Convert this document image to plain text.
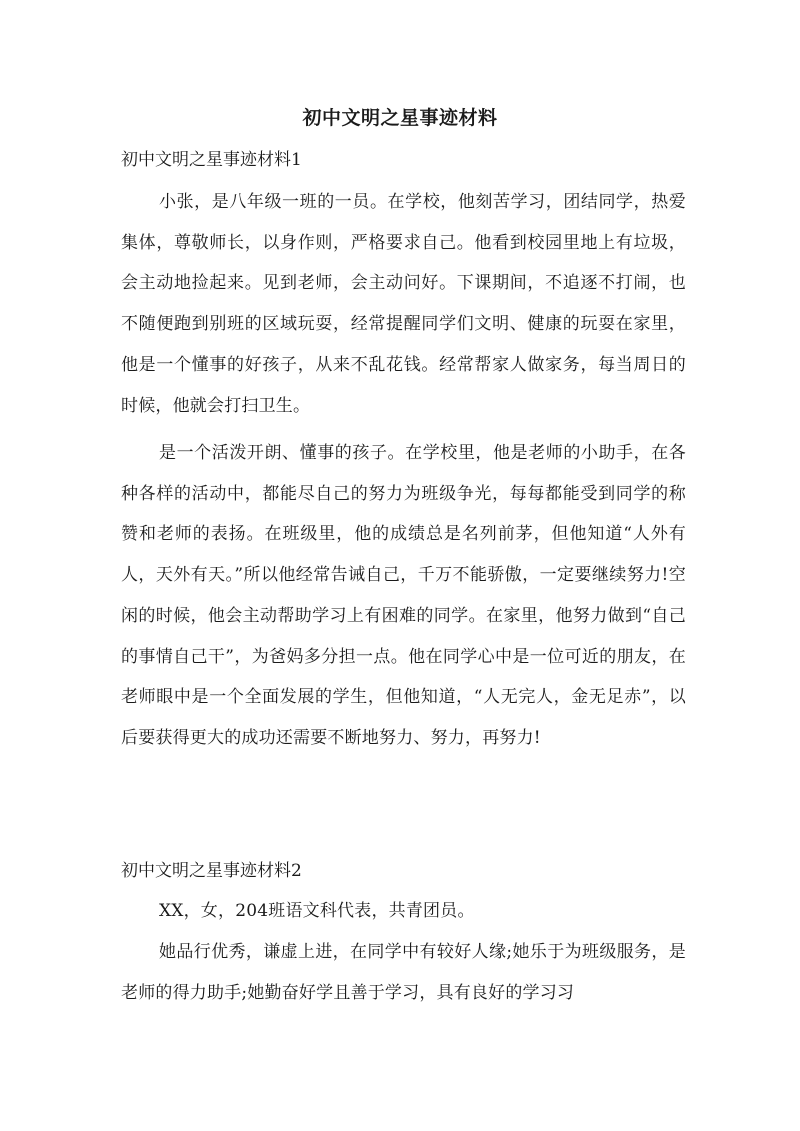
初中文明之星事迹材料
初中文明之星事迹材料1
小张，是八年级一班的一员。在学校，他刻苦学习，团结同学，热爱集体，尊敬师长，以身作则，严格要求自己。他看到校园里地上有垃圾，会主动地捡起来。见到老师，会主动问好。下课期间，不追逐不打闹，也不随便跑到别班的区域玩耍，经常提醒同学们文明、健康的玩耍在家里，他是一个懂事的好孩子，从来不乱花钱。经常帮家人做家务，每当周日的时候，他就会打扫卫生。
是一个活泼开朗、懂事的孩子。在学校里，他是老师的小助手，在各种各样的活动中，都能尽自己的努力为班级争光，每每都能受到同学的称赞和老师的表扬。在班级里，他的成绩总是名列前茅，但他知道“人外有人，天外有天。”所以他经常告诫自己，千万不能骄傲，一定要继续努力!空闲的时候，他会主动帮助学习上有困难的同学。在家里，他努力做到“自己的事情自己干”，为爸妈多分担一点。他在同学心中是一位可近的朋友，在老师眼中是一个全面发展的学生，但他知道，“人无完人，金无足赤”，以后要获得更大的成功还需要不断地努力、努力，再努力!
初中文明之星事迹材料2
XX，女，204班语文科代表，共青团员。
她品行优秀，谦虚上进，在同学中有较好人缘;她乐于为班级服务，是老师的得力助手;她勤奋好学且善于学习，具有良好的学习习
